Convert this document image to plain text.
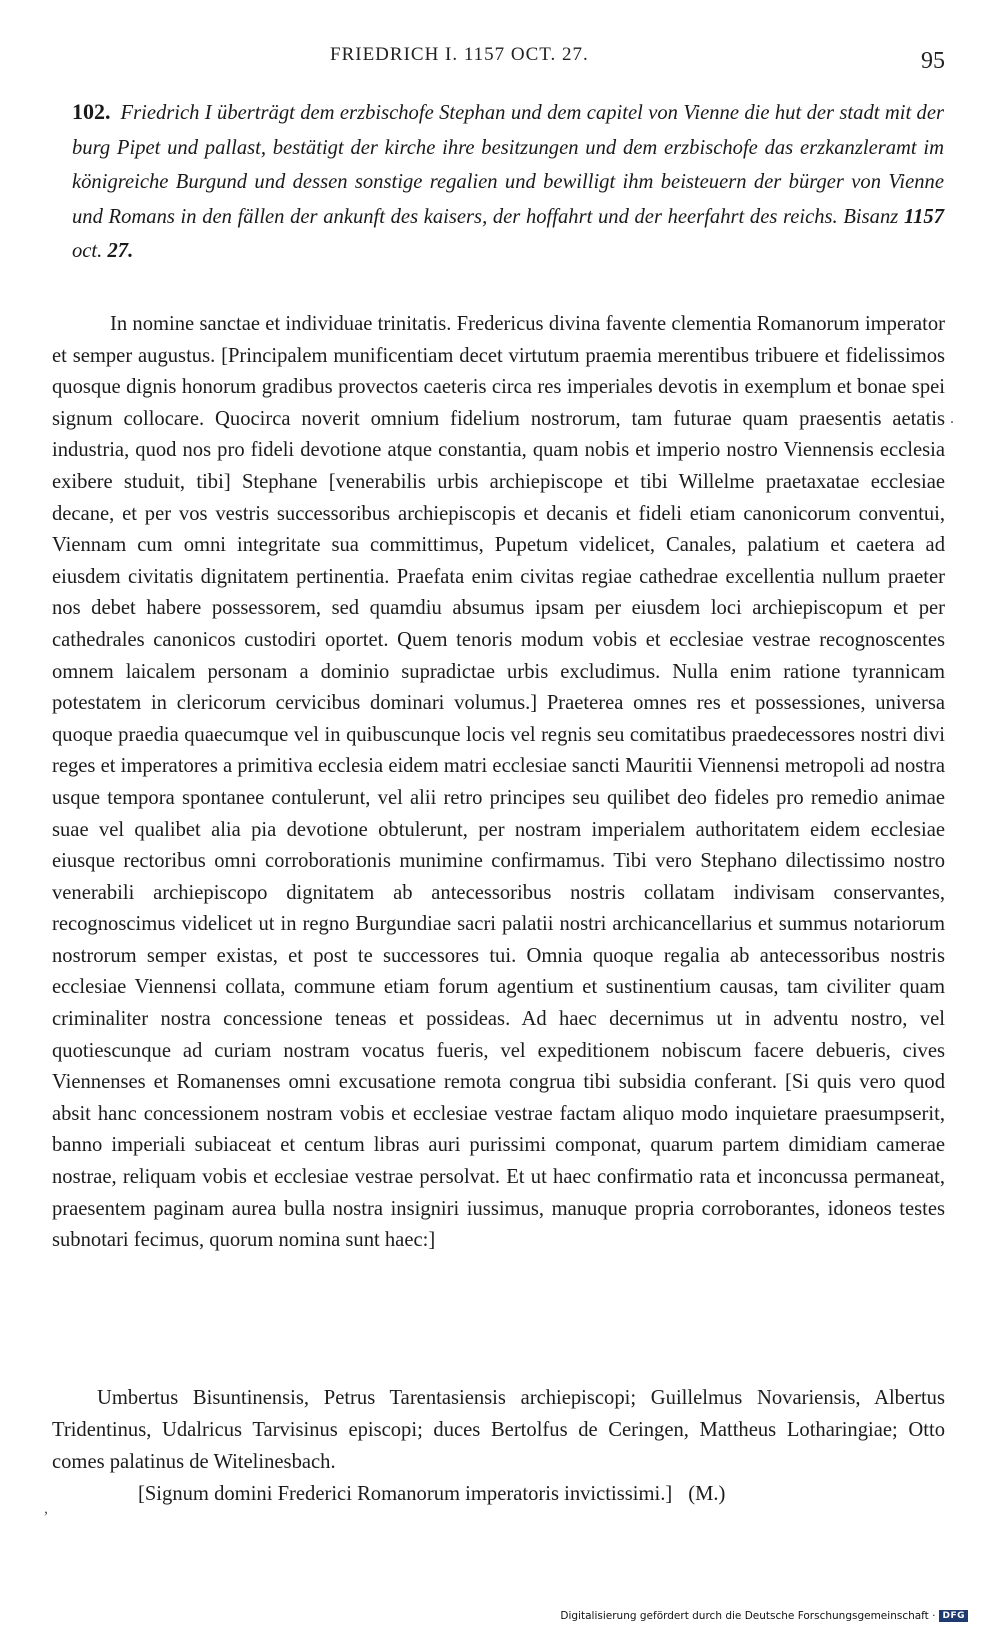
FRIEDRICH I. 1157 OCT. 27.	95
102. Friedrich I überträgt dem erzbischofe Stephan und dem capitel von Vienne die hut der stadt mit der burg Pipet und pallast, bestätigt der kirche ihre besitzungen und dem erzbischofe das erzkanzleramt im königreiche Burgund und dessen sonstige regalien und bewilligt ihm beisteuern der bürger von Vienne und Romans in den fällen der ankunft des kaisers, der hoffahrt und der heerfahrt des reichs. Bisanz 1157 oct. 27.

In nomine sanctae et individuae trinitatis. Fredericus divina favente clementia Romanorum imperator et semper augustus. [Principalem munificentiam decet virtutum praemia merentibus tribuere et fidelissimos quosque dignis honorum gradibus provectos caeteris circa res imperiales devotis in exemplum et bonae spei signum collocare. Quocirca noverit omnium fidelium nostrorum, tam futurae quam praesentis aetatis industria, quod nos pro fideli devotione atque constantia, quam nobis et imperio nostro Viennensis ecclesia exibere studuit, tibi] Stephane [venerabilis urbis archiepiscope et tibi Willelme praetaxatae ecclesiae decane, et per vos vestris successoribus archiepiscopis et decanis et fideli etiam canonicorum conventui, Viennam cum omni integritate sua committimus, Pupetum videlicet, Canales, palatium et caetera ad eiusdem civitatis dignitatem pertinentia. Praefata enim civitas regiae cathedrae excellentia nullum praeter nos debet habere possessorem, sed quamdiu absumus ipsam per eiusdem loci archiepiscopum et per cathedrales canonicos custodiri oportet. Quem tenoris modum vobis et ecclesiae vestrae recognoscentes omnem laicalem personam a dominio supradictae urbis excludimus. Nulla enim ratione tyrannicam potestatem in clericorum cervicibus dominari volumus.] Praeterea omnes res et possessiones, universa quoque praedia quaecumque vel in quibuscunque locis vel regnis seu comitatibus praedecessores nostri divi reges et imperatores a primitiva ecclesia eidem matri ecclesiae sancti Mauritii Viennensi metropoli ad nostra usque tempora spontanee contulerunt, vel alii retro principes seu quilibet deo fideles pro remedio animae suae vel qualibet alia pia devotione obtulerunt, per nostram imperialem authoritatem eidem ecclesiae eiusque rectoribus omni corroborationis munimine confirmamus. Tibi vero Stephano dilectissimo nostro venerabili archiepiscopo dignitatem ab antecessoribus nostris collatam indivisam conservantes, recognoscimus videlicet ut in regno Burgundiae sacri palatii nostri archicancellarius et summus notariorum nostrorum semper existas, et post te successores tui. Omnia quoque regalia ab antecessoribus nostris ecclesiae Viennensi collata, commune etiam forum agentium et sustinentium causas, tam civiliter quam criminaliter nostra concessione teneas et possideas. Ad haec decernimus ut in adventu nostro, vel quotiescunque ad curiam nostram vocatus fueris, vel expeditionem nobiscum facere debueris, cives Viennenses et Romanenses omni excusatione remota congrua tibi subsidia conferant. [Si quis vero quod absit hanc concessionem nostram vobis et ecclesiae vestrae factam aliquo modo inquietare praesumpserit, banno imperiali subiaceat et centum libras auri purissimi componat, quarum partem dimidiam camerae nostrae, reliquam vobis et ecclesiae vestrae persolvat. Et ut haec confirmatio rata et inconcussa permaneat, praesentem paginam aurea bulla nostra insigniri iussimus, manuque propria corroborantes, idoneos testes subnotari fecimus, quorum nomina sunt haec:]

Umbertus Bisuntinensis, Petrus Tarentasiensis archiepiscopi; Guillelmus Novariensis, Albertus Tridentinus, Udalricus Tarvisinus episcopi; duces Bertolfus de Ceringen, Mattheus Lotharingiae; Otto comes palatinus de Witelinesbach.
[Signum domini Frederici Romanorum imperatoris invictissimi.] (M.)
.
,
Digitalisierung gefördert durch die Deutsche Forschungsgemeinschaft · DFG
